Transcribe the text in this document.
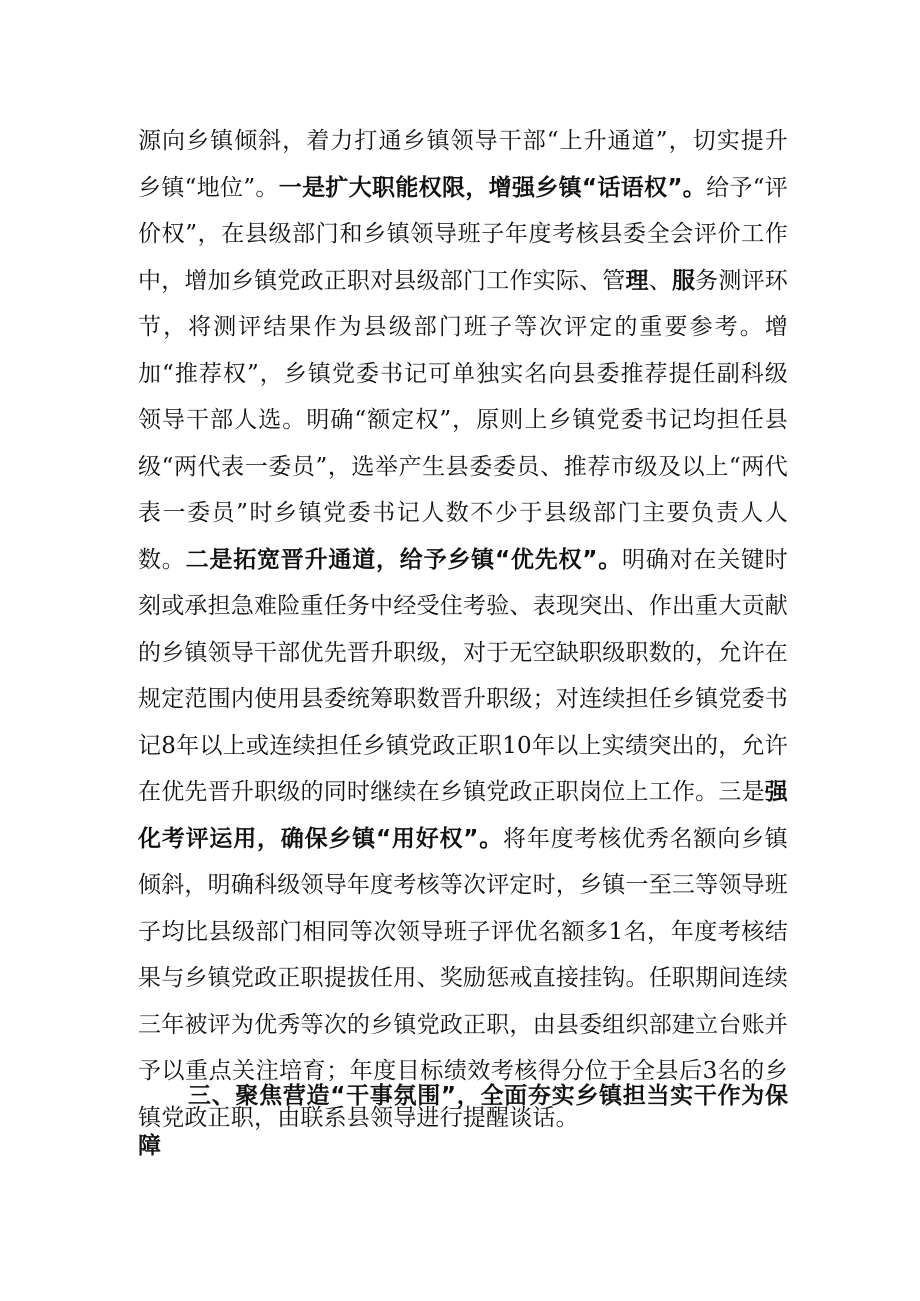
源向乡镇倾斜，着力打通乡镇领导干部“上升通道”，切实提升乡镇“地位”。一是扩大职能权限，增强乡镇“话语权”。给予“评价权”，在县级部门和乡镇领导班子年度考核县委全会评价工作中，增加乡镇党政正职对县级部门工作实际、管理、服务测评环节，将测评结果作为县级部门班子等次评定的重要参考。增加“推荐权”，乡镇党委书记可单独实名向县委推荐提任副科级领导干部人选。明确“额定权”，原则上乡镇党委书记均担任县级“两代表一委员”，选举产生县委委员、推荐市级及以上“两代表一委员”时乡镇党委书记人数不少于县级部门主要负责人人数。二是拓宽晋升通道，给予乡镇“优先权”。明确对在关键时刻或承担急难险重任务中经受住考验、表现突出、作出重大贡献的乡镇领导干部优先晋升职级，对于无空缺职级职数的，允许在规定范围内使用县委统筹职数晋升职级；对连续担任乡镇党委书记8年以上或连续担任乡镇党政正职10年以上实绩突出的，允许在优先晋升职级的同时继续在乡镇党政正职岗位上工作。三是强化考评运用，确保乡镇“用好权”。将年度考核优秀名额向乡镇倾斜，明确科级领导年度考核等次评定时，乡镇一至三等领导班子均比县级部门相同等次领导班子评优名额多1名，年度考核结果与乡镇党政正职提拔任用、奖励惩戒直接挂钩。任职期间连续三年被评为优秀等次的乡镇党政正职，由县委组织部建立台账并予以重点关注培育；年度目标绩效考核得分位于全县后3名的乡镇党政正职，由联系县领导进行提醒谈话。

三、聚焦营造“干事氛围”，全面夯实乡镇担当实干作为保障
